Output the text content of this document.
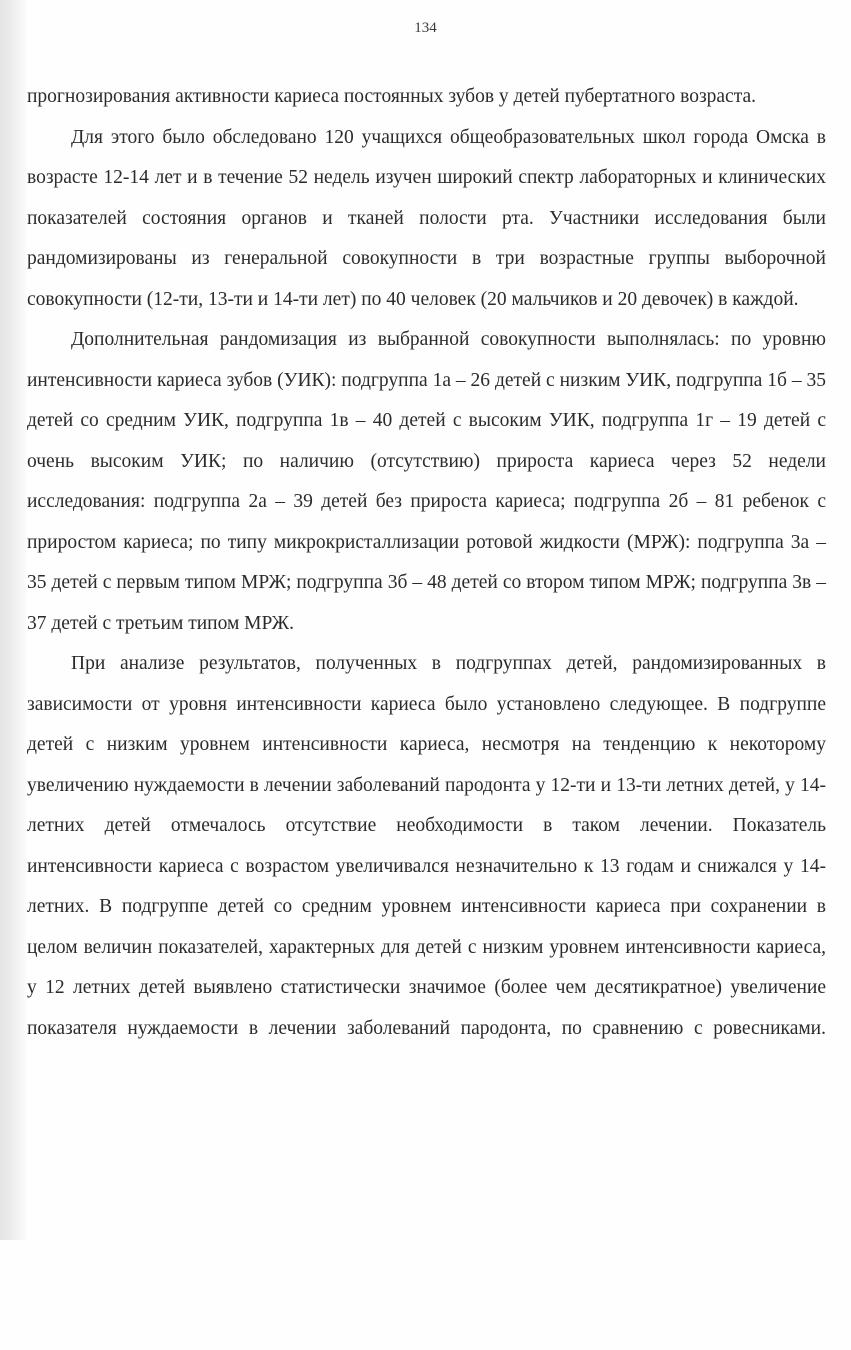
134

прогнозирования активности кариеса постоянных зубов у детей пубертатного возраста.

Для этого было обследовано 120 учащихся общеобразовательных школ города Омска в возрасте 12-14 лет и в течение 52 недель изучен широкий спектр лабораторных и клинических показателей состояния органов и тканей полости рта. Участники исследования были рандомизированы из генеральной совокупности в три возрастные группы выборочной совокупности (12-ти, 13-ти и 14-ти лет) по 40 человек (20 мальчиков и 20 девочек) в каждой.

Дополнительная рандомизация из выбранной совокупности выполнялась: по уровню интенсивности кариеса зубов (УИК): подгруппа 1а – 26 детей с низким УИК, подгруппа 1б – 35 детей со средним УИК, подгруппа 1в – 40 детей с высоким УИК, подгруппа 1г – 19 детей с очень высоким УИК; по наличию (отсутствию) прироста кариеса через 52 недели исследования: подгруппа 2а – 39 детей без прироста кариеса; подгруппа 2б – 81 ребенок с приростом кариеса; по типу микрокристаллизации ротовой жидкости (МРЖ): подгруппа 3а – 35 детей с первым типом МРЖ; подгруппа 3б – 48 детей со втором типом МРЖ; подгруппа 3в – 37 детей с третьим типом МРЖ.

При анализе результатов, полученных в подгруппах детей, рандомизированных в зависимости от уровня интенсивности кариеса было установлено следующее. В подгруппе детей с низким уровнем интенсивности кариеса, несмотря на тенденцию к некоторому увеличению нуждаемости в лечении заболеваний пародонта у 12-ти и 13-ти летних детей, у 14-летних детей отмечалось отсутствие необходимости в таком лечении. Показатель интенсивности кариеса с возрастом увеличивался незначительно к 13 годам и снижался у 14-летних. В подгруппе детей со средним уровнем интенсивности кариеса при сохранении в целом величин показателей, характерных для детей с низким уровнем интенсивности кариеса, у 12 летних детей выявлено статистически значимое (более чем десятикратное) увеличение показателя нуждаемости в лечении заболеваний пародонта, по сравнению с ровесниками.
